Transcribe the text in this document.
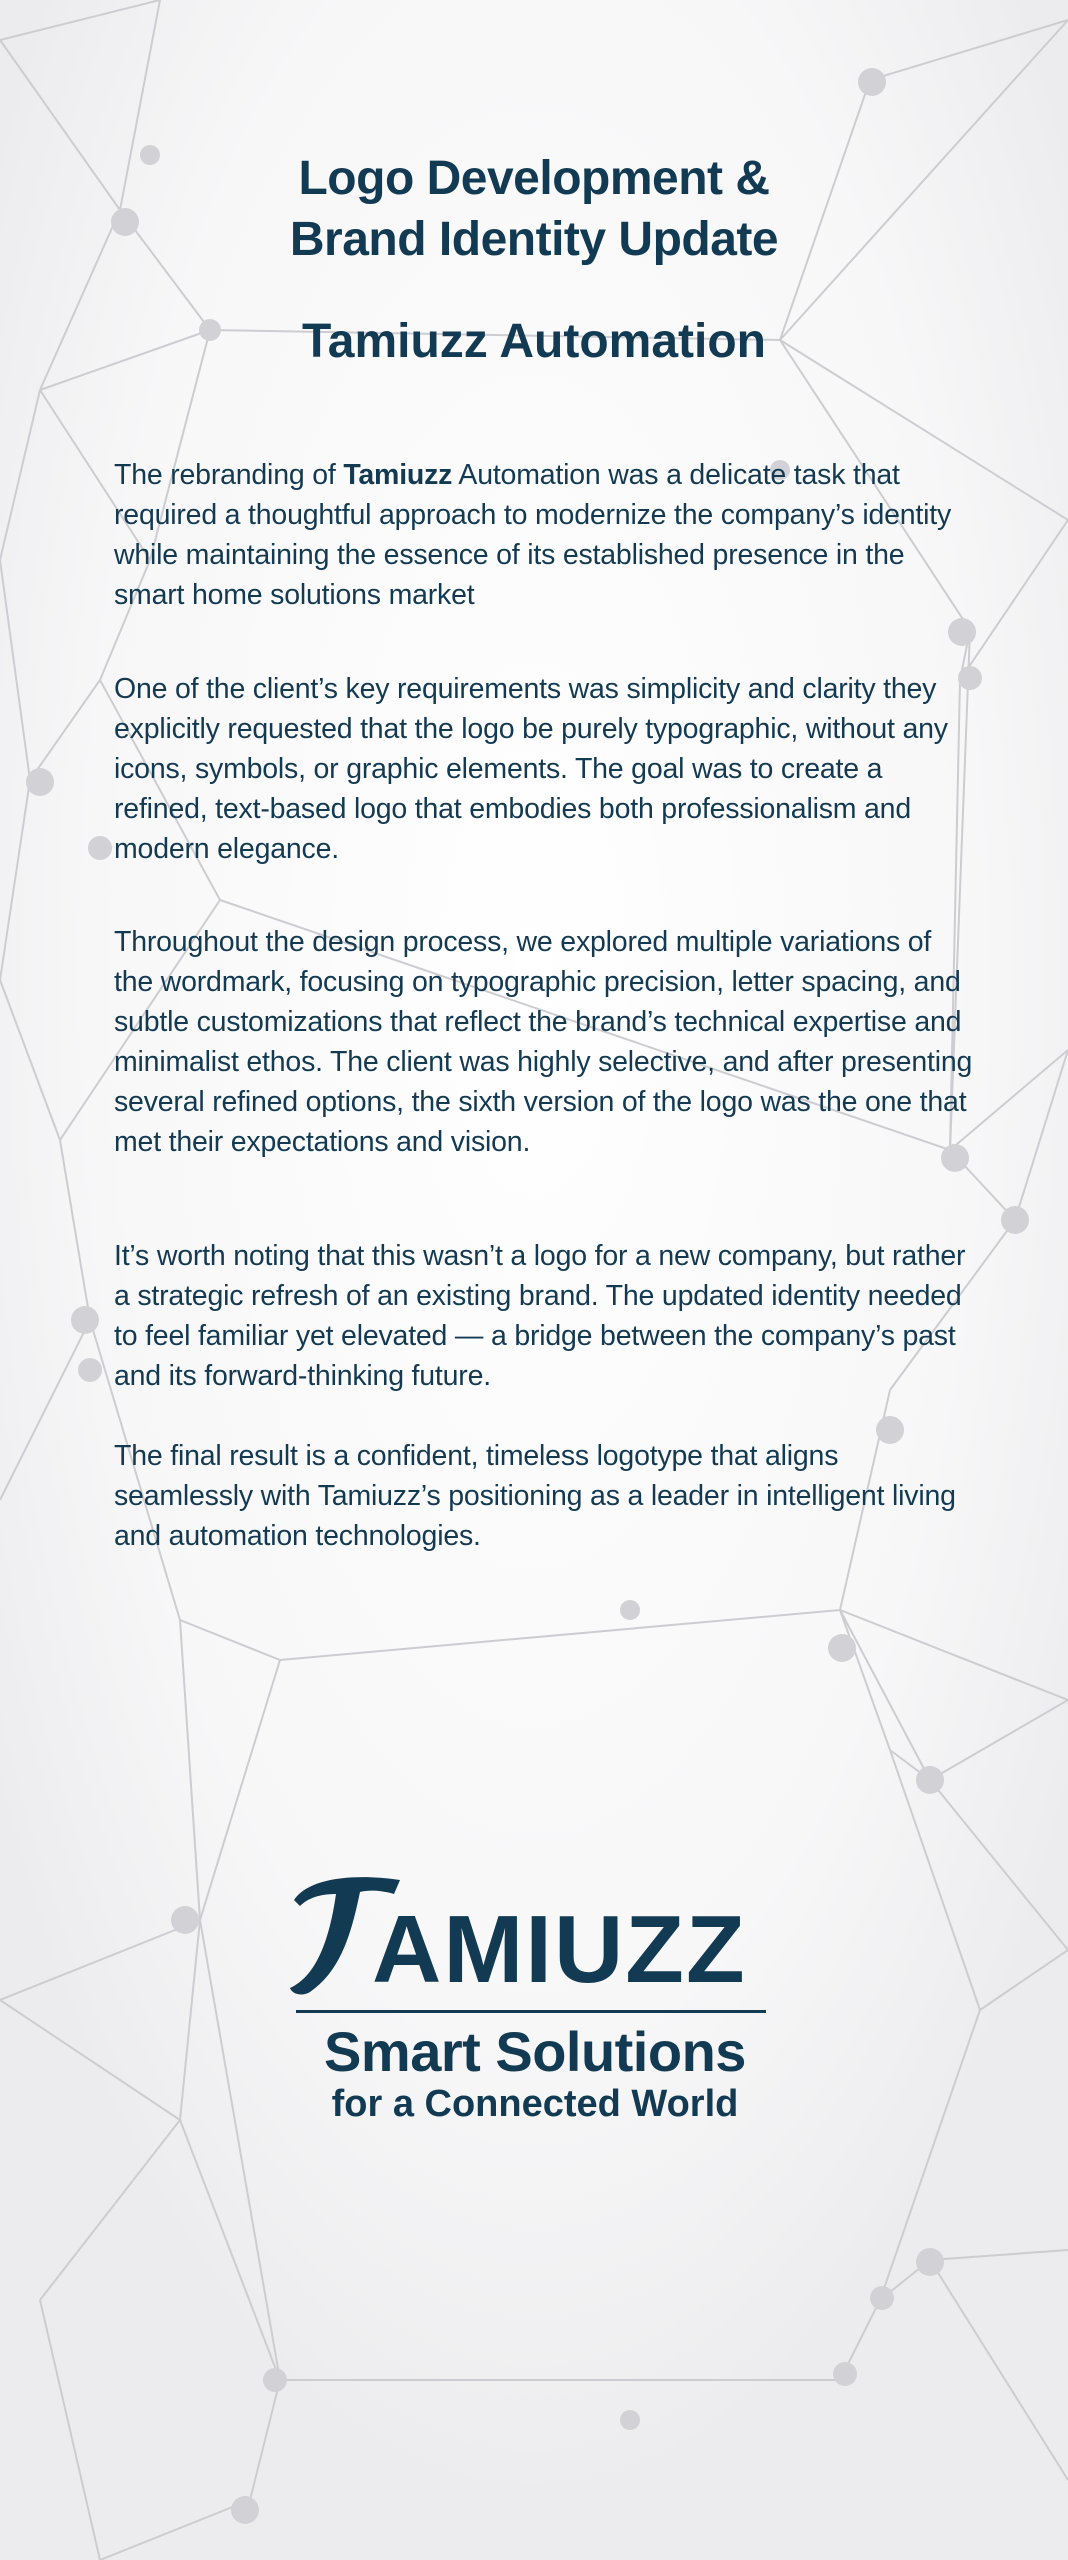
Logo Development &
Brand Identity Update
Tamiuzz Automation

The rebranding of Tamiuzz Automation was a delicate task that required a thoughtful approach to modernize the company’s identity while maintaining the essence of its established presence in the smart home solutions market

One of the client’s key requirements was simplicity and clarity they explicitly requested that the logo be purely typographic, without any icons, symbols, or graphic elements. The goal was to create a refined, text-based logo that embodies both professionalism and modern elegance.

Throughout the design process, we explored multiple variations of the wordmark, focusing on typographic precision, letter spacing, and subtle customizations that reflect the brand’s technical expertise and minimalist ethos. The client was highly selective, and after presenting several refined options, the sixth version of the logo was the one that met their expectations and vision.

It’s worth noting that this wasn’t a logo for a new company, but rather a strategic refresh of an existing brand. The updated identity needed to feel familiar yet elevated — a bridge between the company’s past and its forward-thinking future.

The final result is a confident, timeless logotype that aligns seamlessly with Tamiuzz’s positioning as a leader in intelligent living and automation technologies.

AMIUZZ
Smart Solutions
for a Connected World
